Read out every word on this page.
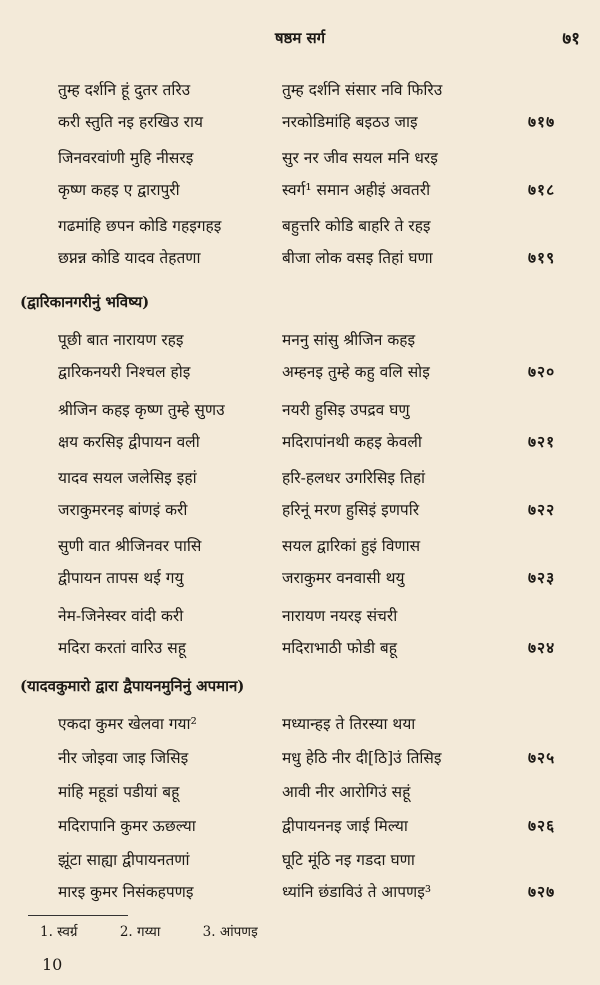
षष्ठम सर्ग	७१
तुम्ह दर्शनि हूं दुतर तरिउ	तुम्ह दर्शनि संसार नवि फिरिउ
करी स्तुति नइ हरखिउ राय	नरकोडिमांहि बइठउ जाइ	७१७
जिनवरवांणी मुहि नीसरइ	सुर नर जीव सयल मनि धरइ
कृष्ण कहइ ए द्वारापुरी	स्वर्ग¹ समान अहीइं अवतरी	७१८
गढमांहि छपन कोडि गहइगहइ	बहुत्तरि कोडि बाहरि ते रहइ
छप्नन्न कोडि यादव तेहतणा	बीजा लोक वसइ तिहां घणा	७१९
(द्वारिकानगरीनुं भविष्य)
पूछी बात नारायण रहइ	मननु सांसु श्रीजिन कहइ
द्वारिकनयरी निश्चल होइ	अम्हनइ तुम्हे कहु वलि सोइ	७२०
श्रीजिन कहइ कृष्ण तुम्हे सुणउ	नयरी हुसिइ उपद्रव घणु
क्षय करसिइ द्वीपायन वली	मदिरापांनथी कहइ केवली	७२१
यादव सयल जलेसिइ इहां	हरि-हलधर उगरिसिइ तिहां
जराकुमरनइ बांणइं करी	हरिनूं मरण हुसिइं इणपरि	७२२
सुणी वात श्रीजिनवर पासि	सयल द्वारिकां हुइं विणास
द्वीपायन तापस थई गयु	जराकुमर वनवासी थयु	७२३
नेम-जिनेस्वर वांदी करी	नारायण नयरइ संचरी
मदिरा करतां वारिउ सहू	मदिराभाठी फोडी बहू	७२४
(यादवकुमारो द्वारा द्वैपायनमुनिनुं अपमान)
एकदा कुमर खेलवा गया²	मध्यान्हइ ते तिरस्या थया
नीर जोइवा जाइ जिसिइ	मधु हेठि नीर दी[ठि]उं तिसिइ	७२५
मांहि महूडां पडीयां बहू	आवी नीर आरोगिउं सहूं
मदिरापानि कुमर ऊछल्या	द्वीपायननइ जाई मिल्या	७२६
झूंटा साह्या द्वीपायनतणां	घूटि मूंठि नइ गडदा घणा
मारइ कुमर निसंकहपणइ	ध्यांनि छंडाविउं ते आपणइ³	७२७
1. स्वर्ग्र	2. गय्या	3. आंपणइ
10
